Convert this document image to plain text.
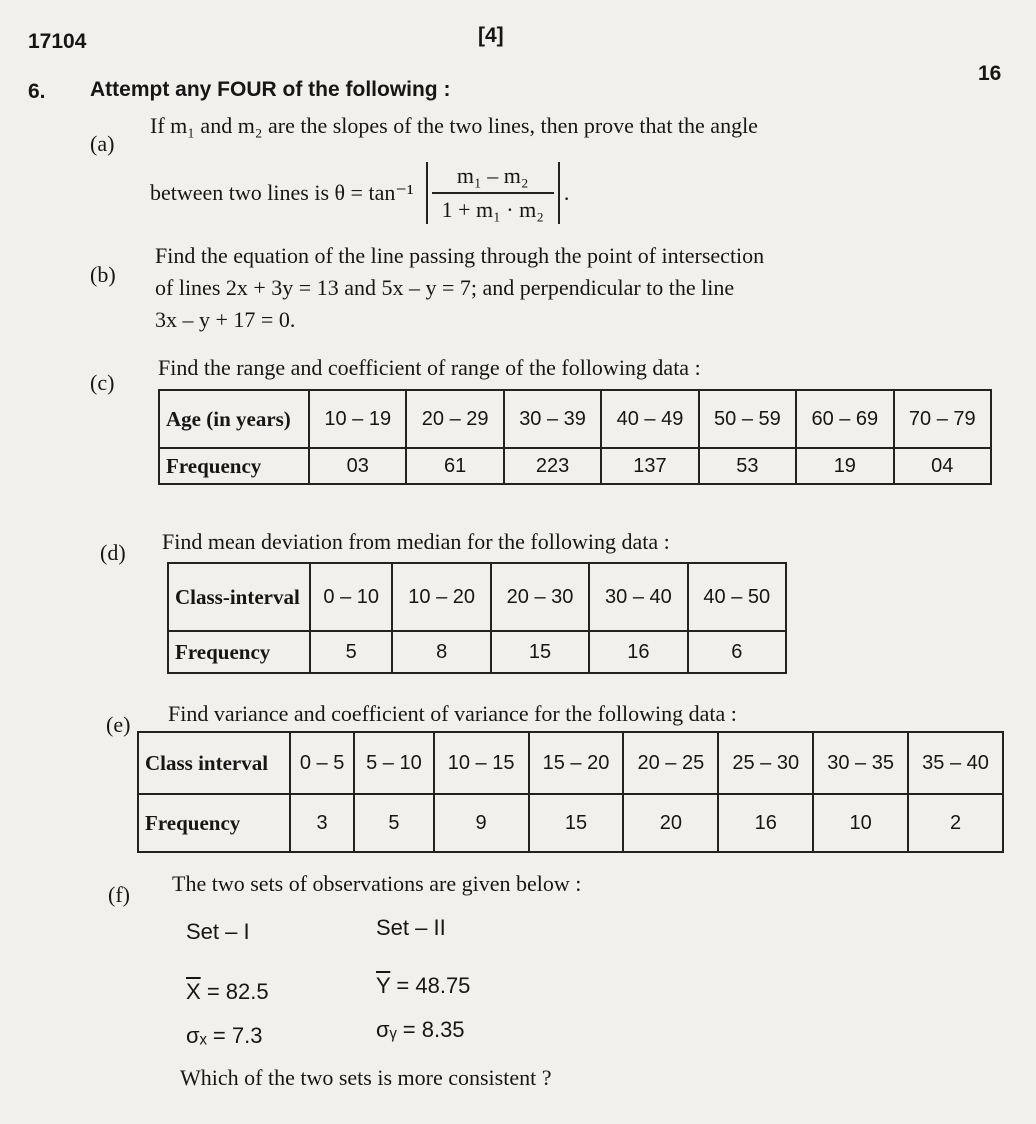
17104	[4]
16
6. Attempt any FOUR of the following :
(a)
If m₁ and m₂ are the slopes of the two lines, then prove that the angle
between two lines is $\theta = \tan^{-1} \frac{\text{m₁ – m₂}}{\text{1 + m₁ · m₂}}$ .
(b)
Find the equation of the line passing through the point of intersection
of lines 2x + 3y = 13 and 5x – y = 7; and perpendicular to the line
3x – y + 17 = 0.
(c)
Find the range and coefficient of range of the following data :
Age (in years)	10 – 19	20 – 29	30 – 39	40 – 49	50 – 59	60 – 69	70 – 79
Frequency	03	61	223	137	53	19	04
(d) Find mean deviation from median for the following data :
Class-interval	0 – 10	10 – 20	20 – 30	30 – 40	40 – 50
Frequency	5	8	15	16	6
(e) Find variance and coefficient of variance for the following data :
Class interval	0 – 5	5 – 10	10 – 15	15 – 20	20 – 25	25 – 30	30 – 35	35 – 40
Frequency	3	5	9	15	20	16	10	2
(f) The two sets of observations are given below :
Set – I	Set – II
$\overline{X} = 82.5$	$\overline{Y} = 48.75$
σₓ = 7.3	σᵧ = 8.35
Which of the two sets is more consistent ?
